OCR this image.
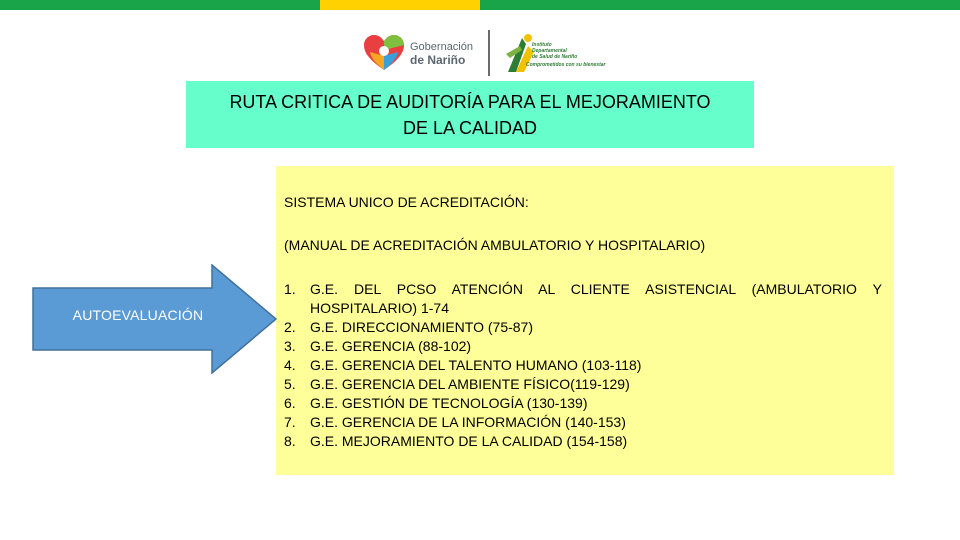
Gobernación
de Nariño
Instituto
Departamental
de Salud de Nariño
Comprometidos con su bienestar
RUTA CRITICA DE AUDITORÍA PARA EL MEJORAMIENTO
DE LA CALIDAD
SISTEMA UNICO DE ACREDITACIÓN:
(MANUAL DE ACREDITACIÓN AMBULATORIO Y HOSPITALARIO)
1.	G.E. DEL PCSO ATENCIÓN AL CLIENTE ASISTENCIAL (AMBULATORIO Y HOSPITALARIO) 1-74
2.	G.E. DIRECCIONAMIENTO (75-87)
3.	G.E. GERENCIA (88-102)
4.	G.E. GERENCIA DEL TALENTO HUMANO (103-118)
5.	G.E. GERENCIA DEL AMBIENTE FÍSICO(119-129)
6.	G.E. GESTIÓN DE TECNOLOGÍA (130-139)
7.	G.E. GERENCIA DE LA INFORMACIÓN (140-153)
8.	G.E. MEJORAMIENTO DE LA CALIDAD (154-158)
AUTOEVALUACIÓN
